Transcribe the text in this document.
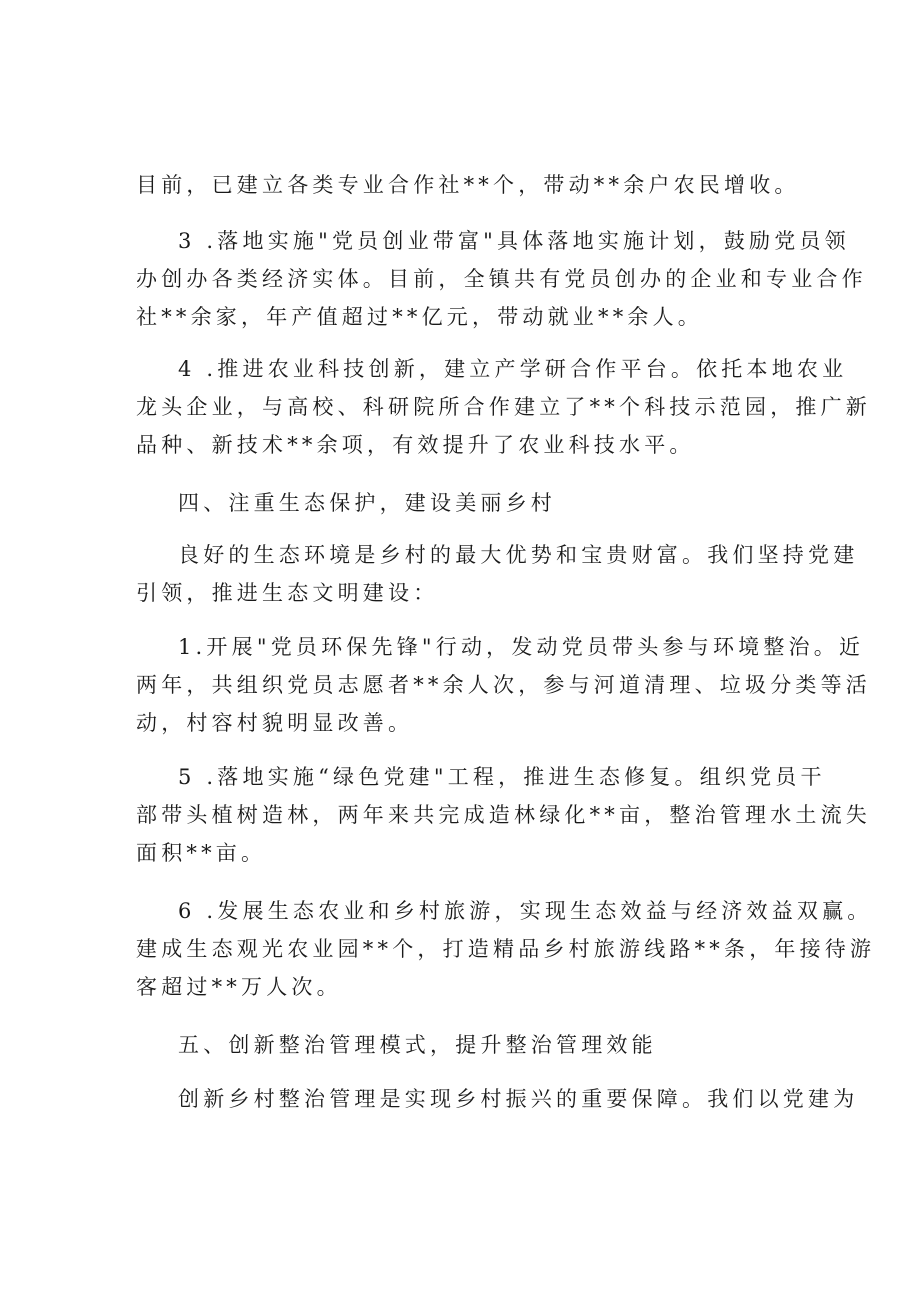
目前，已建立各类专业合作社**个，带动**余户农民增收。

3 .落地实施"党员创业带富"具体落地实施计划，鼓励党员领

办创办各类经济实体。目前，全镇共有党员创办的企业和专业合作

社**余家，年产值超过**亿元，带动就业**余人。

4 .推进农业科技创新，建立产学研合作平台。依托本地农业

龙头企业，与高校、科研院所合作建立了**个科技示范园，推广新

品种、新技术**余项，有效提升了农业科技水平。

四、注重生态保护，建设美丽乡村

良好的生态环境是乡村的最大优势和宝贵财富。我们坚持党建

引领，推进生态文明建设：

1.开展"党员环保先锋"行动，发动党员带头参与环境整治。近

两年，共组织党员志愿者**余人次，参与河道清理、垃圾分类等活

动，村容村貌明显改善。

5 .落地实施“绿色党建"工程，推进生态修复。组织党员干

部带头植树造林，两年来共完成造林绿化**亩，整治管理水土流失

面积**亩。

6 .发展生态农业和乡村旅游，实现生态效益与经济效益双赢。

建成生态观光农业园**个，打造精品乡村旅游线路**条，年接待游

客超过**万人次。

五、创新整治管理模式，提升整治管理效能

创新乡村整治管理是实现乡村振兴的重要保障。我们以党建为
